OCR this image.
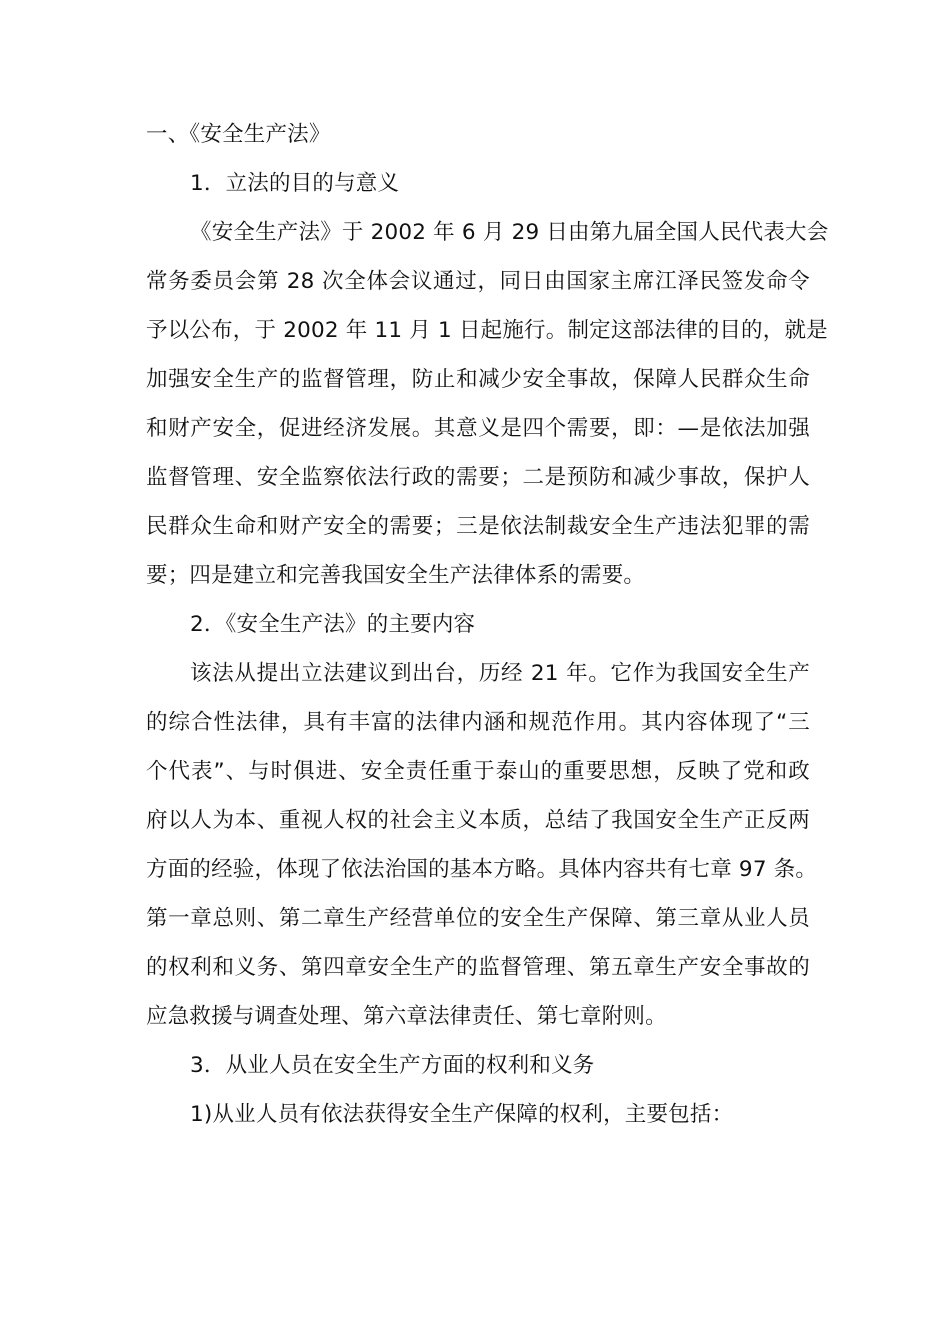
一、《安全生产法》
1．立法的目的与意义
《安全生产法》于 2002 年 6 月 29 日由第九届全国人民代表大会
常务委员会第 28 次全体会议通过，同日由国家主席江泽民签发命令
予以公布，于 2002 年 11 月 1 日起施行。制定这部法律的目的，就是
加强安全生产的监督管理，防止和减少安全事故，保障人民群众生命
和财产安全，促进经济发展。其意义是四个需要，即：—是依法加强
监督管理、安全监察依法行政的需要；二是预防和减少事故，保护人
民群众生命和财产安全的需要；三是依法制裁安全生产违法犯罪的需
要；四是建立和完善我国安全生产法律体系的需要。
2．《安全生产法》的主要内容
该法从提出立法建议到出台，历经 21 年。它作为我国安全生产
的综合性法律，具有丰富的法律内涵和规范作用。其内容体现了“三
个代表”、与时俱进、安全责任重于泰山的重要思想，反映了党和政
府以人为本、重视人权的社会主义本质，总结了我国安全生产正反两
方面的经验，体现了依法治国的基本方略。具体内容共有七章 97 条。
第一章总则、第二章生产经营单位的安全生产保障、第三章从业人员
的权利和义务、第四章安全生产的监督管理、第五章生产安全事故的
应急救援与调查处理、第六章法律责任、第七章附则。
3．从业人员在安全生产方面的权利和义务
1)从业人员有依法获得安全生产保障的权利，主要包括：
